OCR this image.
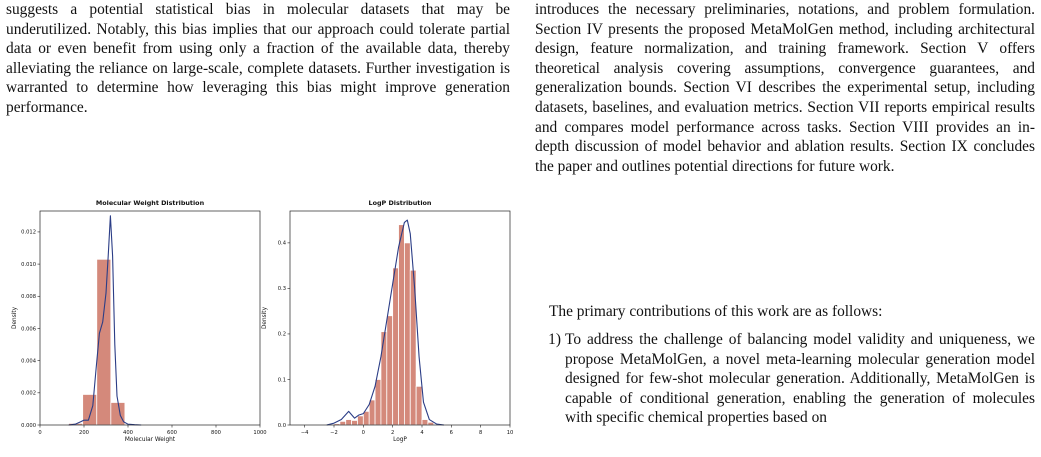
suggests a potential statistical bias in molecular datasets that may be underutilized. Notably, this bias implies that our approach could tolerate partial data or even benefit from using only a fraction of the available data, thereby alleviating the reliance on large-scale, complete datasets. Further investigation is warranted to determine how leveraging this bias might improve generation performance.

Molecular Weight Distribution
0	200	400	600	800	1000
0.000
0.002
0.004
0.006
0.008
0.010
0.012
Molecular Weight
Density
LogP Distribution
−4	−2	0	2	4	6	8	10
0.0
0.1
0.2
0.3
0.4
LogP
Density

introduces the necessary preliminaries, notations, and problem formulation. Section IV presents the proposed MetaMolGen method, including architectural design, feature normalization, and training framework. Section V offers theoretical analysis covering assumptions, convergence guarantees, and generalization bounds. Section VI describes the experimental setup, including datasets, baselines, and evaluation metrics. Section VII reports empirical results and compares model performance across tasks. Section VIII provides an in-depth discussion of model behavior and ablation results. Section IX concludes the paper and outlines potential directions for future work.

The primary contributions of this work are as follows:

1) To address the challenge of balancing model validity and uniqueness, we propose MetaMolGen, a novel meta-learning molecular generation model designed for few-shot molecular generation. Additionally, MetaMolGen is capable of conditional generation, enabling the generation of molecules with specific chemical properties based on
